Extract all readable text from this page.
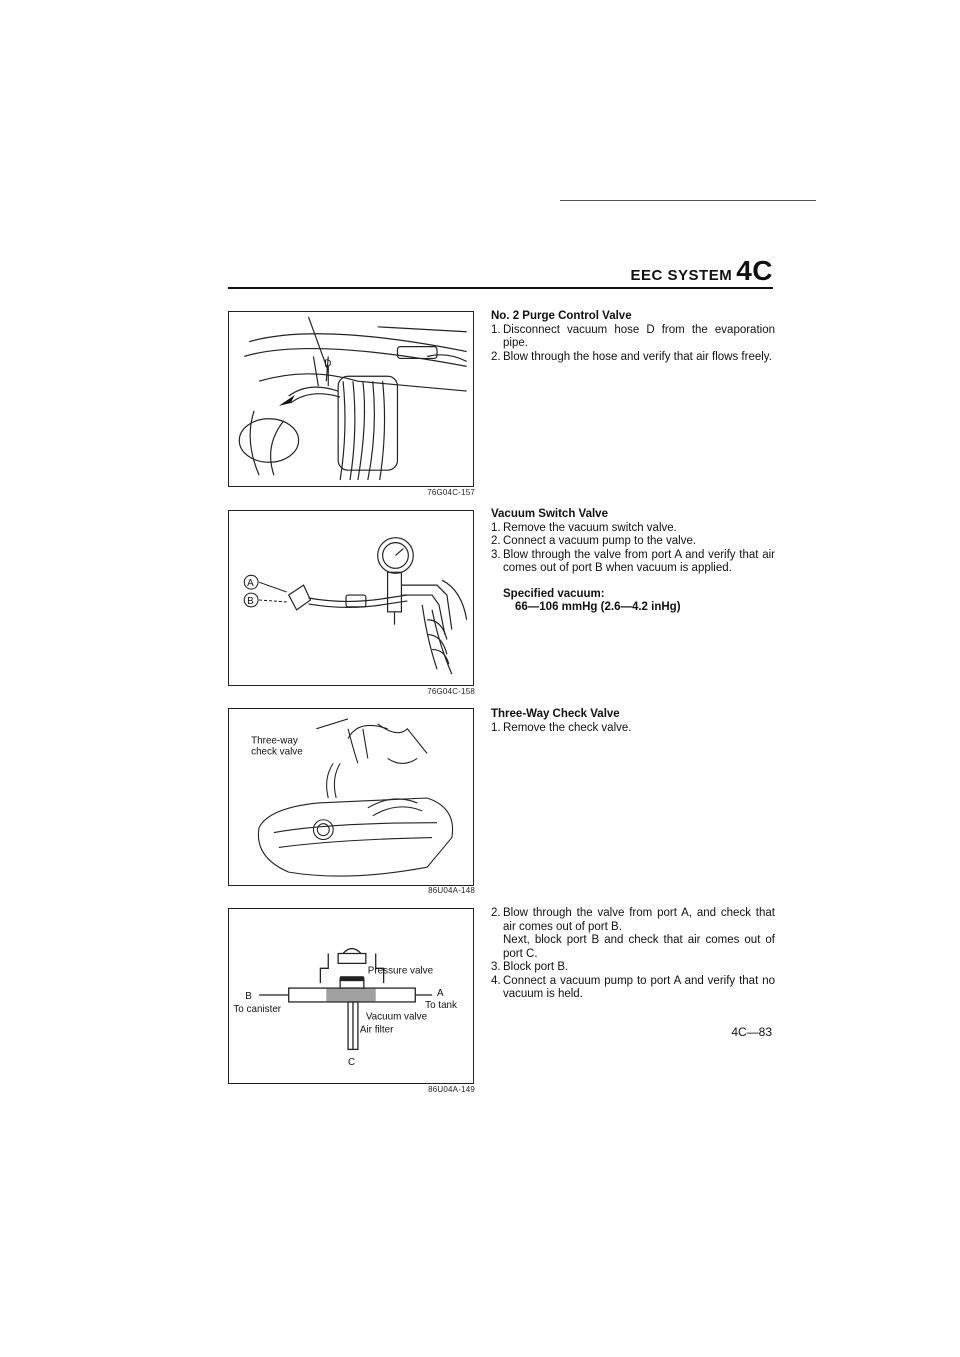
EEC SYSTEM 4C
D
76G04C-157
A
B
76G04C-158
Three-way
check valve
86U04A-148
Pressure valve
B
To canister
A
To tank
Vacuum valve
Air filter
C
86U04A-149
No. 2 Purge Control Valve
1. Disconnect vacuum hose D from the evaporation pipe.
2. Blow through the hose and verify that air flows freely.
Vacuum Switch Valve
1. Remove the vacuum switch valve.
2. Connect a vacuum pump to the valve.
3. Blow through the valve from port A and verify that air comes out of port B when vacuum is applied.
Specified vacuum:
66—106 mmHg (2.6—4.2 inHg)
Three-Way Check Valve
1. Remove the check valve.
2. Blow through the valve from port A, and check that air comes out of port B.
Next, block port B and check that air comes out of port C.
3. Block port B.
4. Connect a vacuum pump to port A and verify that no vacuum is held.
4C—83
